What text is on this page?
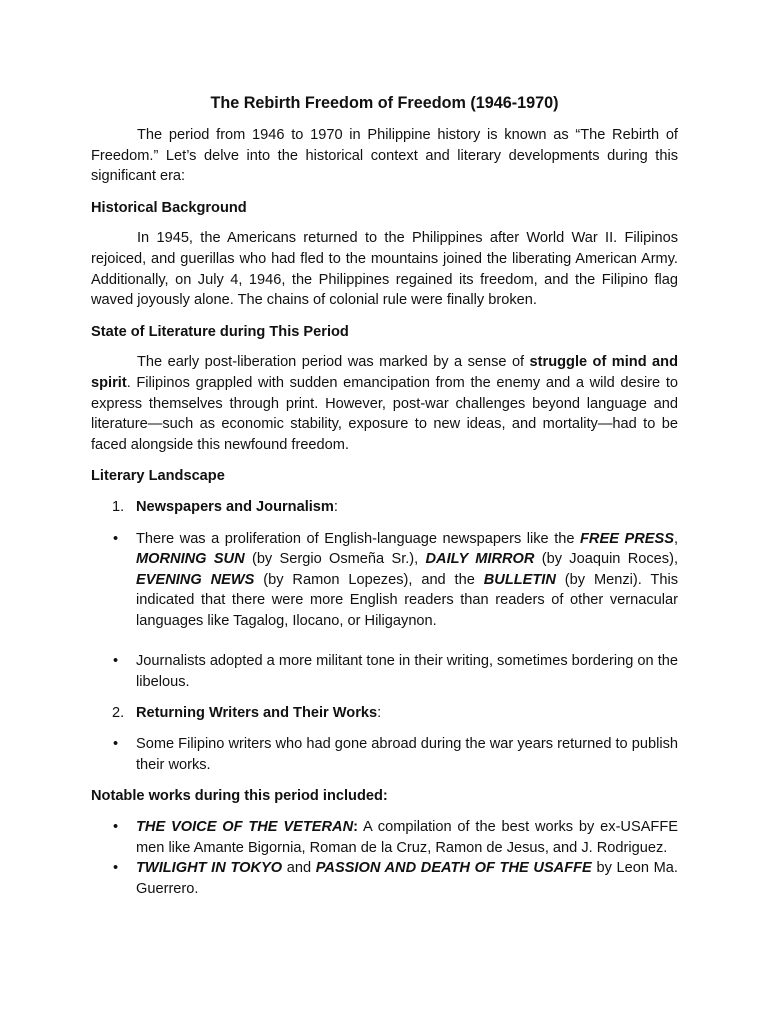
The Rebirth Freedom of Freedom (1946-1970)

The period from 1946 to 1970 in Philippine history is known as “The Rebirth of Freedom.” Let’s delve into the historical context and literary developments during this significant era:

Historical Background

In 1945, the Americans returned to the Philippines after World War II. Filipinos rejoiced, and guerillas who had fled to the mountains joined the liberating American Army. Additionally, on July 4, 1946, the Philippines regained its freedom, and the Filipino flag waved joyously alone. The chains of colonial rule were finally broken.

State of Literature during This Period

The early post-liberation period was marked by a sense of struggle of mind and spirit. Filipinos grappled with sudden emancipation from the enemy and a wild desire to express themselves through print. However, post-war challenges beyond language and literature—such as economic stability, exposure to new ideas, and mortality—had to be faced alongside this newfound freedom.

Literary Landscape

1. Newspapers and Journalism:
• There was a proliferation of English-language newspapers like the FREE PRESS, MORNING SUN (by Sergio Osmeña Sr.), DAILY MIRROR (by Joaquin Roces), EVENING NEWS (by Ramon Lopezes), and the BULLETIN (by Menzi). This indicated that there were more English readers than readers of other vernacular languages like Tagalog, Ilocano, or Hiligaynon.
• Journalists adopted a more militant tone in their writing, sometimes bordering on the libelous.
2. Returning Writers and Their Works:
• Some Filipino writers who had gone abroad during the war years returned to publish their works.

Notable works during this period included:

• THE VOICE OF THE VETERAN: A compilation of the best works by ex-USAFFE men like Amante Bigornia, Roman de la Cruz, Ramon de Jesus, and J. Rodriguez.
• TWILIGHT IN TOKYO and PASSION AND DEATH OF THE USAFFE by Leon Ma. Guerrero.
